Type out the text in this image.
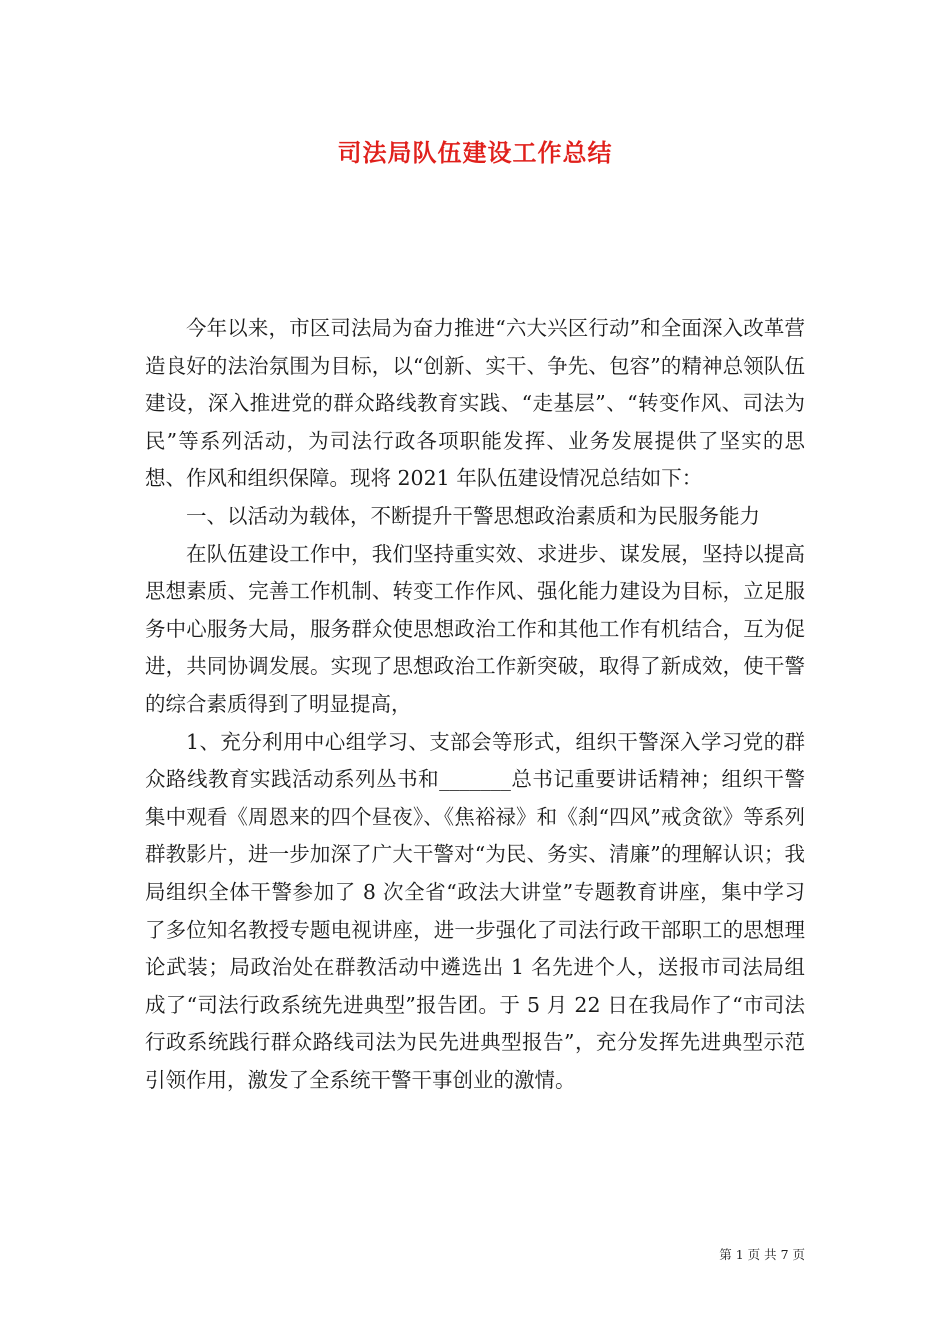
司法局队伍建设工作总结

今年以来，市区司法局为奋力推进“六大兴区行动”和全面深入改革营造良好的法治氛围为目标，以“创新、实干、争先、包容”的精神总领队伍建设，深入推进党的群众路线教育实践、“走基层”、“转变作风、司法为民”等系列活动，为司法行政各项职能发挥、业务发展提供了坚实的思想、作风和组织保障。现将 2021 年队伍建设情况总结如下：

一、以活动为载体，不断提升干警思想政治素质和为民服务能力

在队伍建设工作中，我们坚持重实效、求进步、谋发展，坚持以提高思想素质、完善工作机制、转变工作作风、强化能力建设为目标，立足服务中心服务大局，服务群众使思想政治工作和其他工作有机结合，互为促进，共同协调发展。实现了思想政治工作新突破，取得了新成效，使干警的综合素质得到了明显提高，

1、充分利用中心组学习、支部会等形式，组织干警深入学习党的群众路线教育实践活动系列丛书和_______总书记重要讲话精神；组织干警集中观看《周恩来的四个昼夜》、《焦裕禄》和《刹“四风”戒贪欲》等系列群教影片，进一步加深了广大干警对“为民、务实、清廉”的理解认识；我局组织全体干警参加了 8 次全省“政法大讲堂”专题教育讲座，集中学习了多位知名教授专题电视讲座，进一步强化了司法行政干部职工的思想理论武装；局政治处在群教活动中遴选出 1 名先进个人，送报市司法局组成了“司法行政系统先进典型”报告团。于 5 月 22 日在我局作了“市司法行政系统践行群众路线司法为民先进典型报告”，充分发挥先进典型示范引领作用，激发了全系统干警干事创业的激情。

第 1 页 共 7 页
